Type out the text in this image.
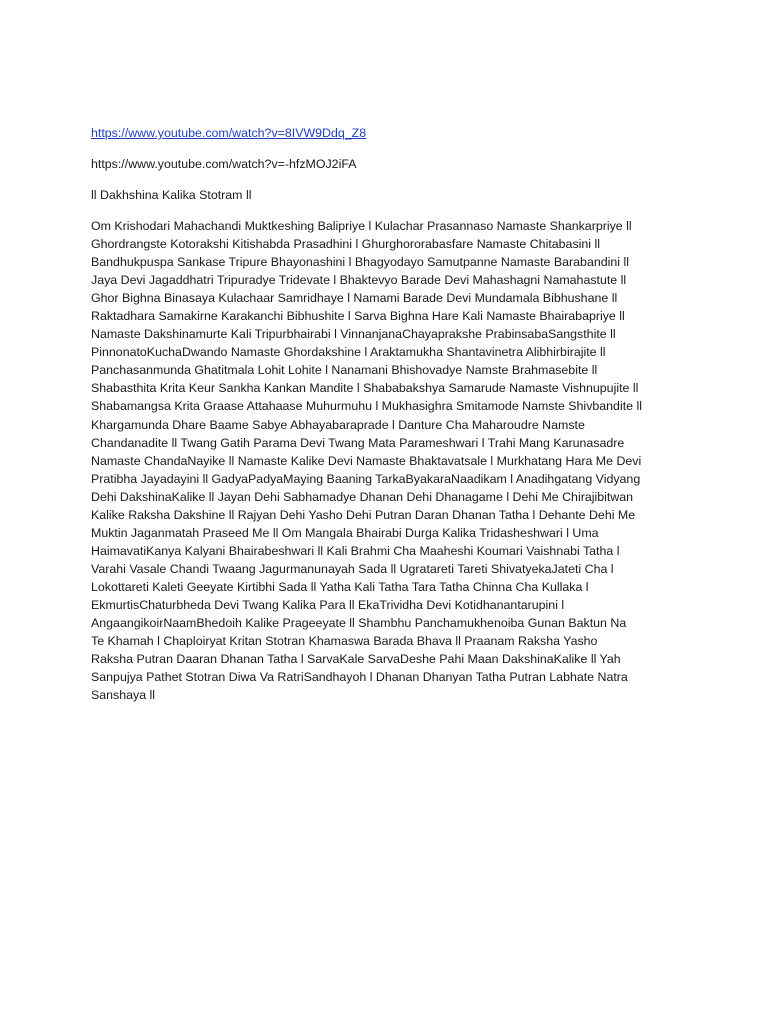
https://www.youtube.com/watch?v=8IVW9Ddq_Z8
https://www.youtube.com/watch?v=-hfzMOJ2iFA
ll Dakhshina Kalika Stotram ll
Om Krishodari Mahachandi Muktkeshing Balipriye l Kulachar Prasannaso Namaste Shankarpriye ll
Ghordrangste Kotorakshi Kitishabda Prasadhini l Ghurghororabasfare Namaste Chitabasini ll
Bandhukpuspa Sankase Tripure Bhayonashini l Bhagyodayo Samutpanne Namaste Barabandini ll
Jaya Devi Jagaddhatri Tripuradye Tridevate l Bhaktevyo Barade Devi Mahashagni Namahastute ll
Ghor Bighna Binasaya Kulachaar Samridhaye l Namami Barade Devi Mundamala Bibhushane ll
Raktadhara Samakirne Karakanchi Bibhushite l Sarva Bighna Hare Kali Namaste Bhairabapriye ll
Namaste Dakshinamurte Kali Tripurbhairabi l VinnanjanaChayaprakshe PrabinsabaSangsthite ll
PinnonatoKuchaDwando Namaste Ghordakshine l Araktamukha Shantavinetra Alibhirbirajite ll
Panchasanmunda Ghatitmala Lohit Lohite l Nanamani Bhishovadye Namste Brahmasebite ll
Shabasthita Krita Keur Sankha Kankan Mandite l Shababakshya Samarude Namaste Vishnupujite ll
Shabamangsa Krita Graase Attahaase Muhurmuhu l Mukhasighra Smitamode Namste Shivbandite ll
Khargamunda Dhare Baame Sabye Abhayabaraprade l Danture Cha Maharoudre Namste
Chandanadite ll Twang Gatih Parama Devi Twang Mata Parameshwari l Trahi Mang Karunasadre
Namaste ChandaNayike ll Namaste Kalike Devi Namaste Bhaktavatsale l Murkhatang Hara Me Devi
Pratibha Jayadayini ll GadyaPadyaMaying Baaning TarkaByakaraNaadikam l Anadihgatang Vidyang
Dehi DakshinaKalike ll Jayan Dehi Sabhamadye Dhanan Dehi Dhanagame l Dehi Me Chirajibitwan
Kalike Raksha Dakshine ll Rajyan Dehi Yasho Dehi Putran Daran Dhanan Tatha l Dehante Dehi Me
Muktin Jaganmatah Praseed Me ll Om Mangala Bhairabi Durga Kalika Tridasheshwari l Uma
HaimavatiKanya Kalyani Bhairabeshwari ll Kali Brahmi Cha Maaheshi Koumari Vaishnabi Tatha l
Varahi Vasale Chandi Twaang Jagurmanunayah Sada ll Ugratareti Tareti ShivatyekaJateti Cha l
Lokottareti Kaleti Geeyate Kirtibhi Sada ll Yatha Kali Tatha Tara Tatha Chinna Cha Kullaka l
EkmurtisChaturbheda Devi Twang Kalika Para ll EkaTrividha Devi Kotidhanantarupini l
AngaangikoirNaamBhedoih Kalike Prageeyate ll Shambhu Panchamukhenoiba Gunan Baktun Na
Te Khamah l Chaploiryat Kritan Stotran Khamaswa Barada Bhava ll Praanam Raksha Yasho
Raksha Putran Daaran Dhanan Tatha l SarvaKale SarvaDeshe Pahi Maan DakshinaKalike ll Yah
Sanpujya Pathet Stotran Diwa Va RatriSandhayoh l Dhanan Dhanyan Tatha Putran Labhate Natra
Sanshaya ll
